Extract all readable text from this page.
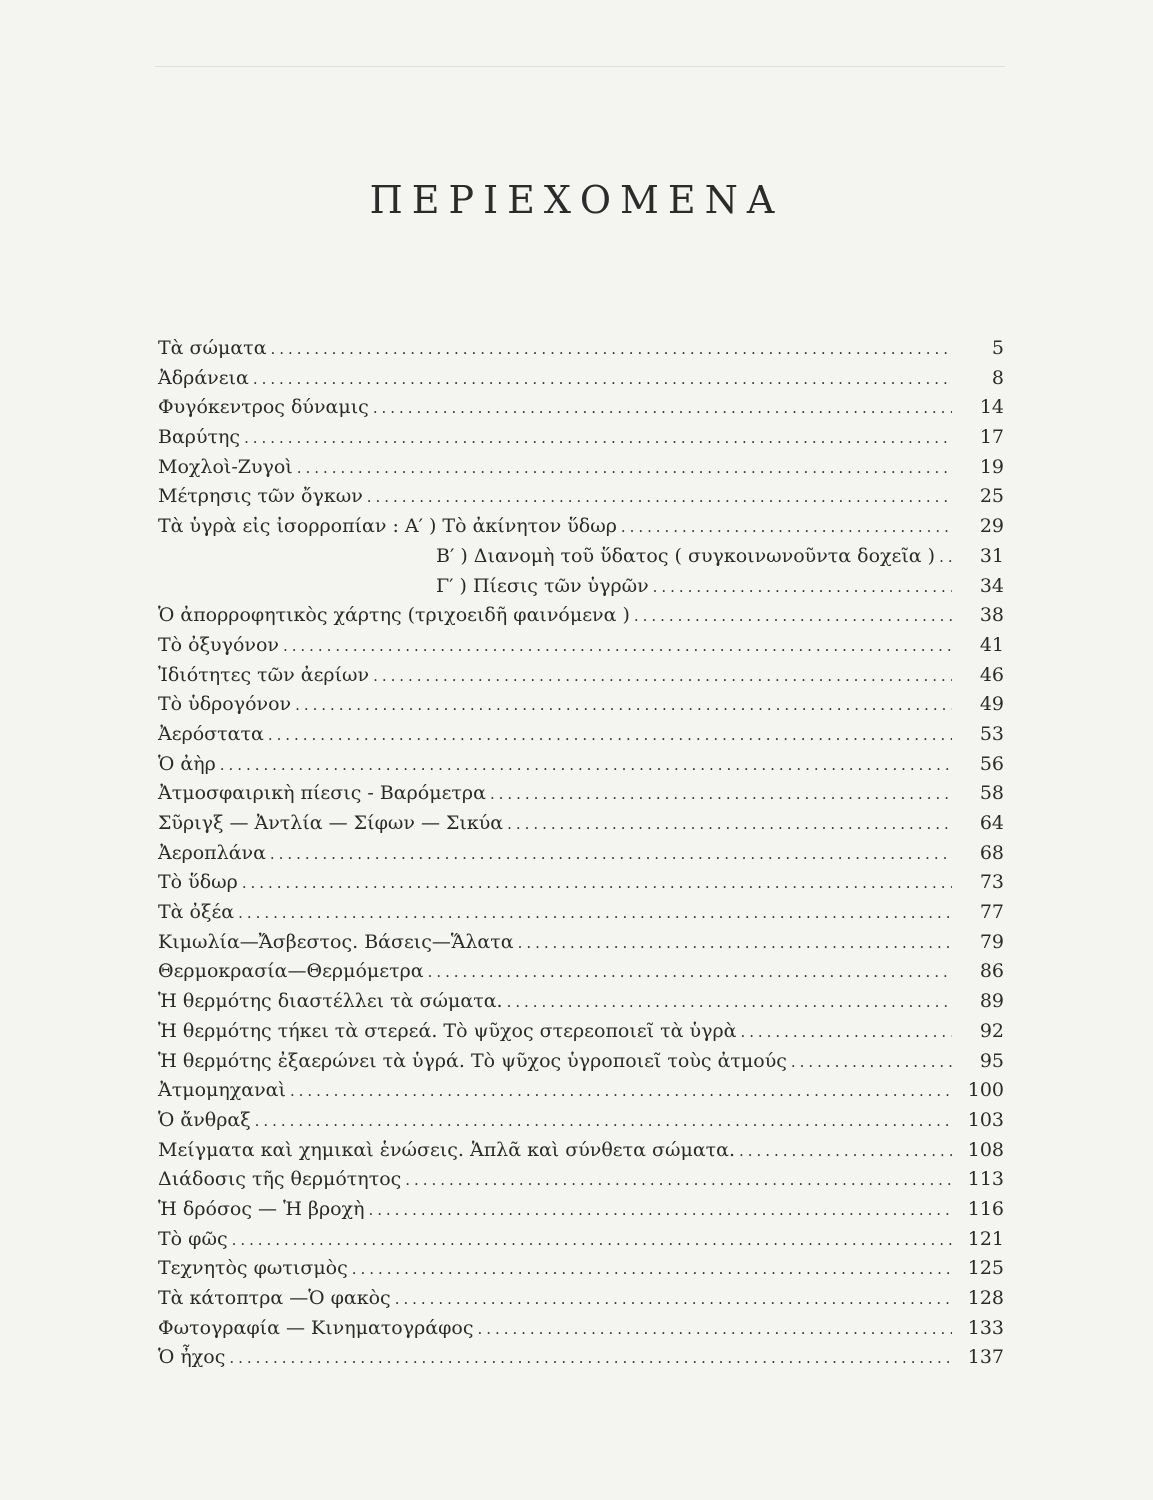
ΠΕΡΙΕΧΟΜΕΝΑ
Τὰ σώματα . . .	5
Ἀδράνεια . . .	8
Φυγόκεντρος δύναμις . . .	14
Βαρύτης . . .	17
Μοχλοὶ-Ζυγοὶ . . .	19
Μέτρησις τῶν ὄγκων . . .	25
Τὰ ὑγρὰ εἰς ἰσορροπίαν : Α′ ) Τὸ ἀκίνητον ὕδωρ . . .	29
Β′ ) Διανομὴ τοῦ ὕδατος ( συγκοινωνοῦντα δοχεῖα ) . . .	31
Γ′ ) Πίεσις τῶν ὑγρῶν . . .	34
Ὁ ἀπορροφητικὸς χάρτης (τριχοειδῆ φαινόμενα ) . . .	38
Τὸ ὀξυγόνον . . .	41
Ἰδιότητες τῶν ἀερίων . . .	46
Τὸ ὑδρογόνον . . .	49
Ἀερόστατα . . .	53
Ὁ ἀὴρ . . .	56
Ἀτμοσφαιρικὴ πίεσις - Βαρόμετρα . . .	58
Σῦριγξ — Ἀντλία — Σίφων — Σικύα . . .	64
Ἀεροπλάνα . . .	68
Τὸ ὕδωρ . . .	73
Τὰ ὀξέα . . .	77
Κιμωλία—Ἄσβεστος. Βάσεις—Ἅλατα . . .	79
Θερμοκρασία—Θερμόμετρα . . .	86
Ἡ θερμότης διαστέλλει τὰ σώματα. . . .	89
Ἡ θερμότης τήκει τὰ στερεά. Τὸ ψῦχος στερεοποιεῖ τὰ ὑγρὰ . . .	92
Ἡ θερμότης ἐξαερώνει τὰ ὑγρά. Τὸ ψῦχος ὑγροποιεῖ τοὺς ἀτμούς . . .	95
Ἀτμομηχαναὶ . . .	100
Ὁ ἄνθραξ . . .	103
Μείγματα καὶ χημικαὶ ἑνώσεις. Ἁπλᾶ καὶ σύνθετα σώματα. . . .	108
Διάδοσις τῆς θερμότητος . . .	113
Ἡ δρόσος — Ἡ βροχὴ . . .	116
Τὸ φῶς . . .	121
Τεχνητὸς φωτισμὸς . . .	125
Τὰ κάτοπτρα —Ὁ φακὸς . . .	128
Φωτογραφία — Κινηματογράφος . . .	133
Ὁ ἦχος . . .	137
